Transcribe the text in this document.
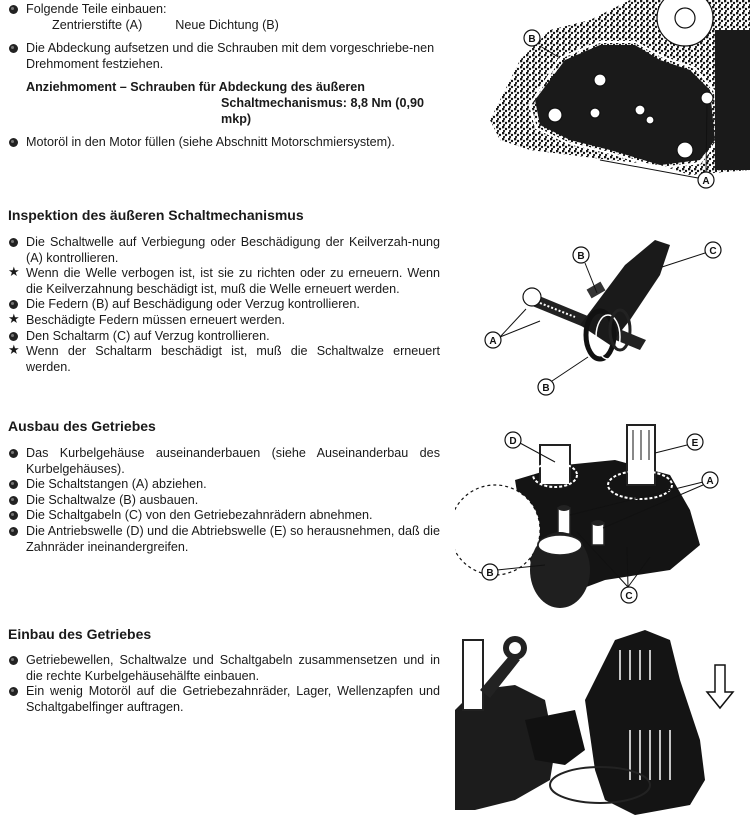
Folgende Teile einbauen:
Zentrierstifte (A)	Neue Dichtung (B)
Die Abdeckung aufsetzen und die Schrauben mit dem vorgeschriebe-nen Drehmoment festziehen.
Anziehmoment – Schrauben für Abdeckung des äußeren
Schaltmechanismus: 8,8 Nm (0,90 mkp)
Motoröl in den Motor füllen (siehe Abschnitt Motorschmiersystem).
Inspektion des äußeren Schaltmechanismus
Die Schaltwelle auf Verbiegung oder Beschädigung der Keilverzah-nung (A) kontrollieren.
★ Wenn die Welle verbogen ist, ist sie zu richten oder zu erneuern. Wenn die Keilverzahnung beschädigt ist, muß die Welle erneuert werden.
Die Federn (B) auf Beschädigung oder Verzug kontrollieren.
★ Beschädigte Federn müssen erneuert werden.
Den Schaltarm (C) auf Verzug kontrollieren.
★ Wenn der Schaltarm beschädigt ist, muß die Schaltwalze erneuert werden.
Ausbau des Getriebes
Das Kurbelgehäuse auseinanderbauen (siehe Auseinanderbau des Kurbelgehäuses).
Die Schaltstangen (A) abziehen.
Die Schaltwalze (B) ausbauen.
Die Schaltgabeln (C) von den Getriebezahnrädern abnehmen.
Die Antriebswelle (D) und die Abtriebswelle (E) so herausnehmen, daß die Zahnräder ineinandergreifen.
Einbau des Getriebes
Getriebewellen, Schaltwalze und Schaltgabeln zusammensetzen und in die rechte Kurbelgehäusehälfte einbauen.
Ein wenig Motoröl auf die Getriebezahnräder, Lager, Wellenzapfen und Schaltgabelfinger auftragen.
B
A
B	C
A
B
D	E
A
B
C
